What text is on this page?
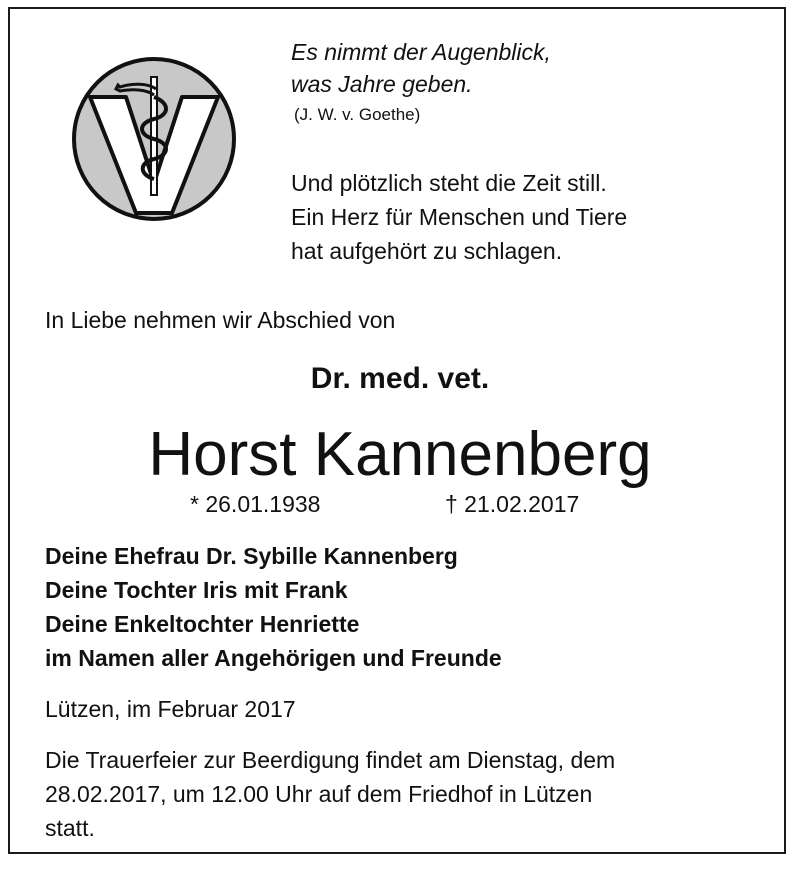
Es nimmt der Augenblick,
was Jahre geben.
(J. W. v. Goethe)
Und plötzlich steht die Zeit still.
Ein Herz für Menschen und Tiere
hat aufgehört zu schlagen.
In Liebe nehmen wir Abschied von
Dr. med. vet.
Horst Kannenberg
* 26.01.1938	† 21.02.2017
Deine Ehefrau Dr. Sybille Kannenberg
Deine Tochter Iris mit Frank
Deine Enkeltochter Henriette
im Namen aller Angehörigen und Freunde
Lützen, im Februar 2017
Die Trauerfeier zur Beerdigung findet am Dienstag, dem
28.02.2017, um 12.00 Uhr auf dem Friedhof in Lützen
statt.
